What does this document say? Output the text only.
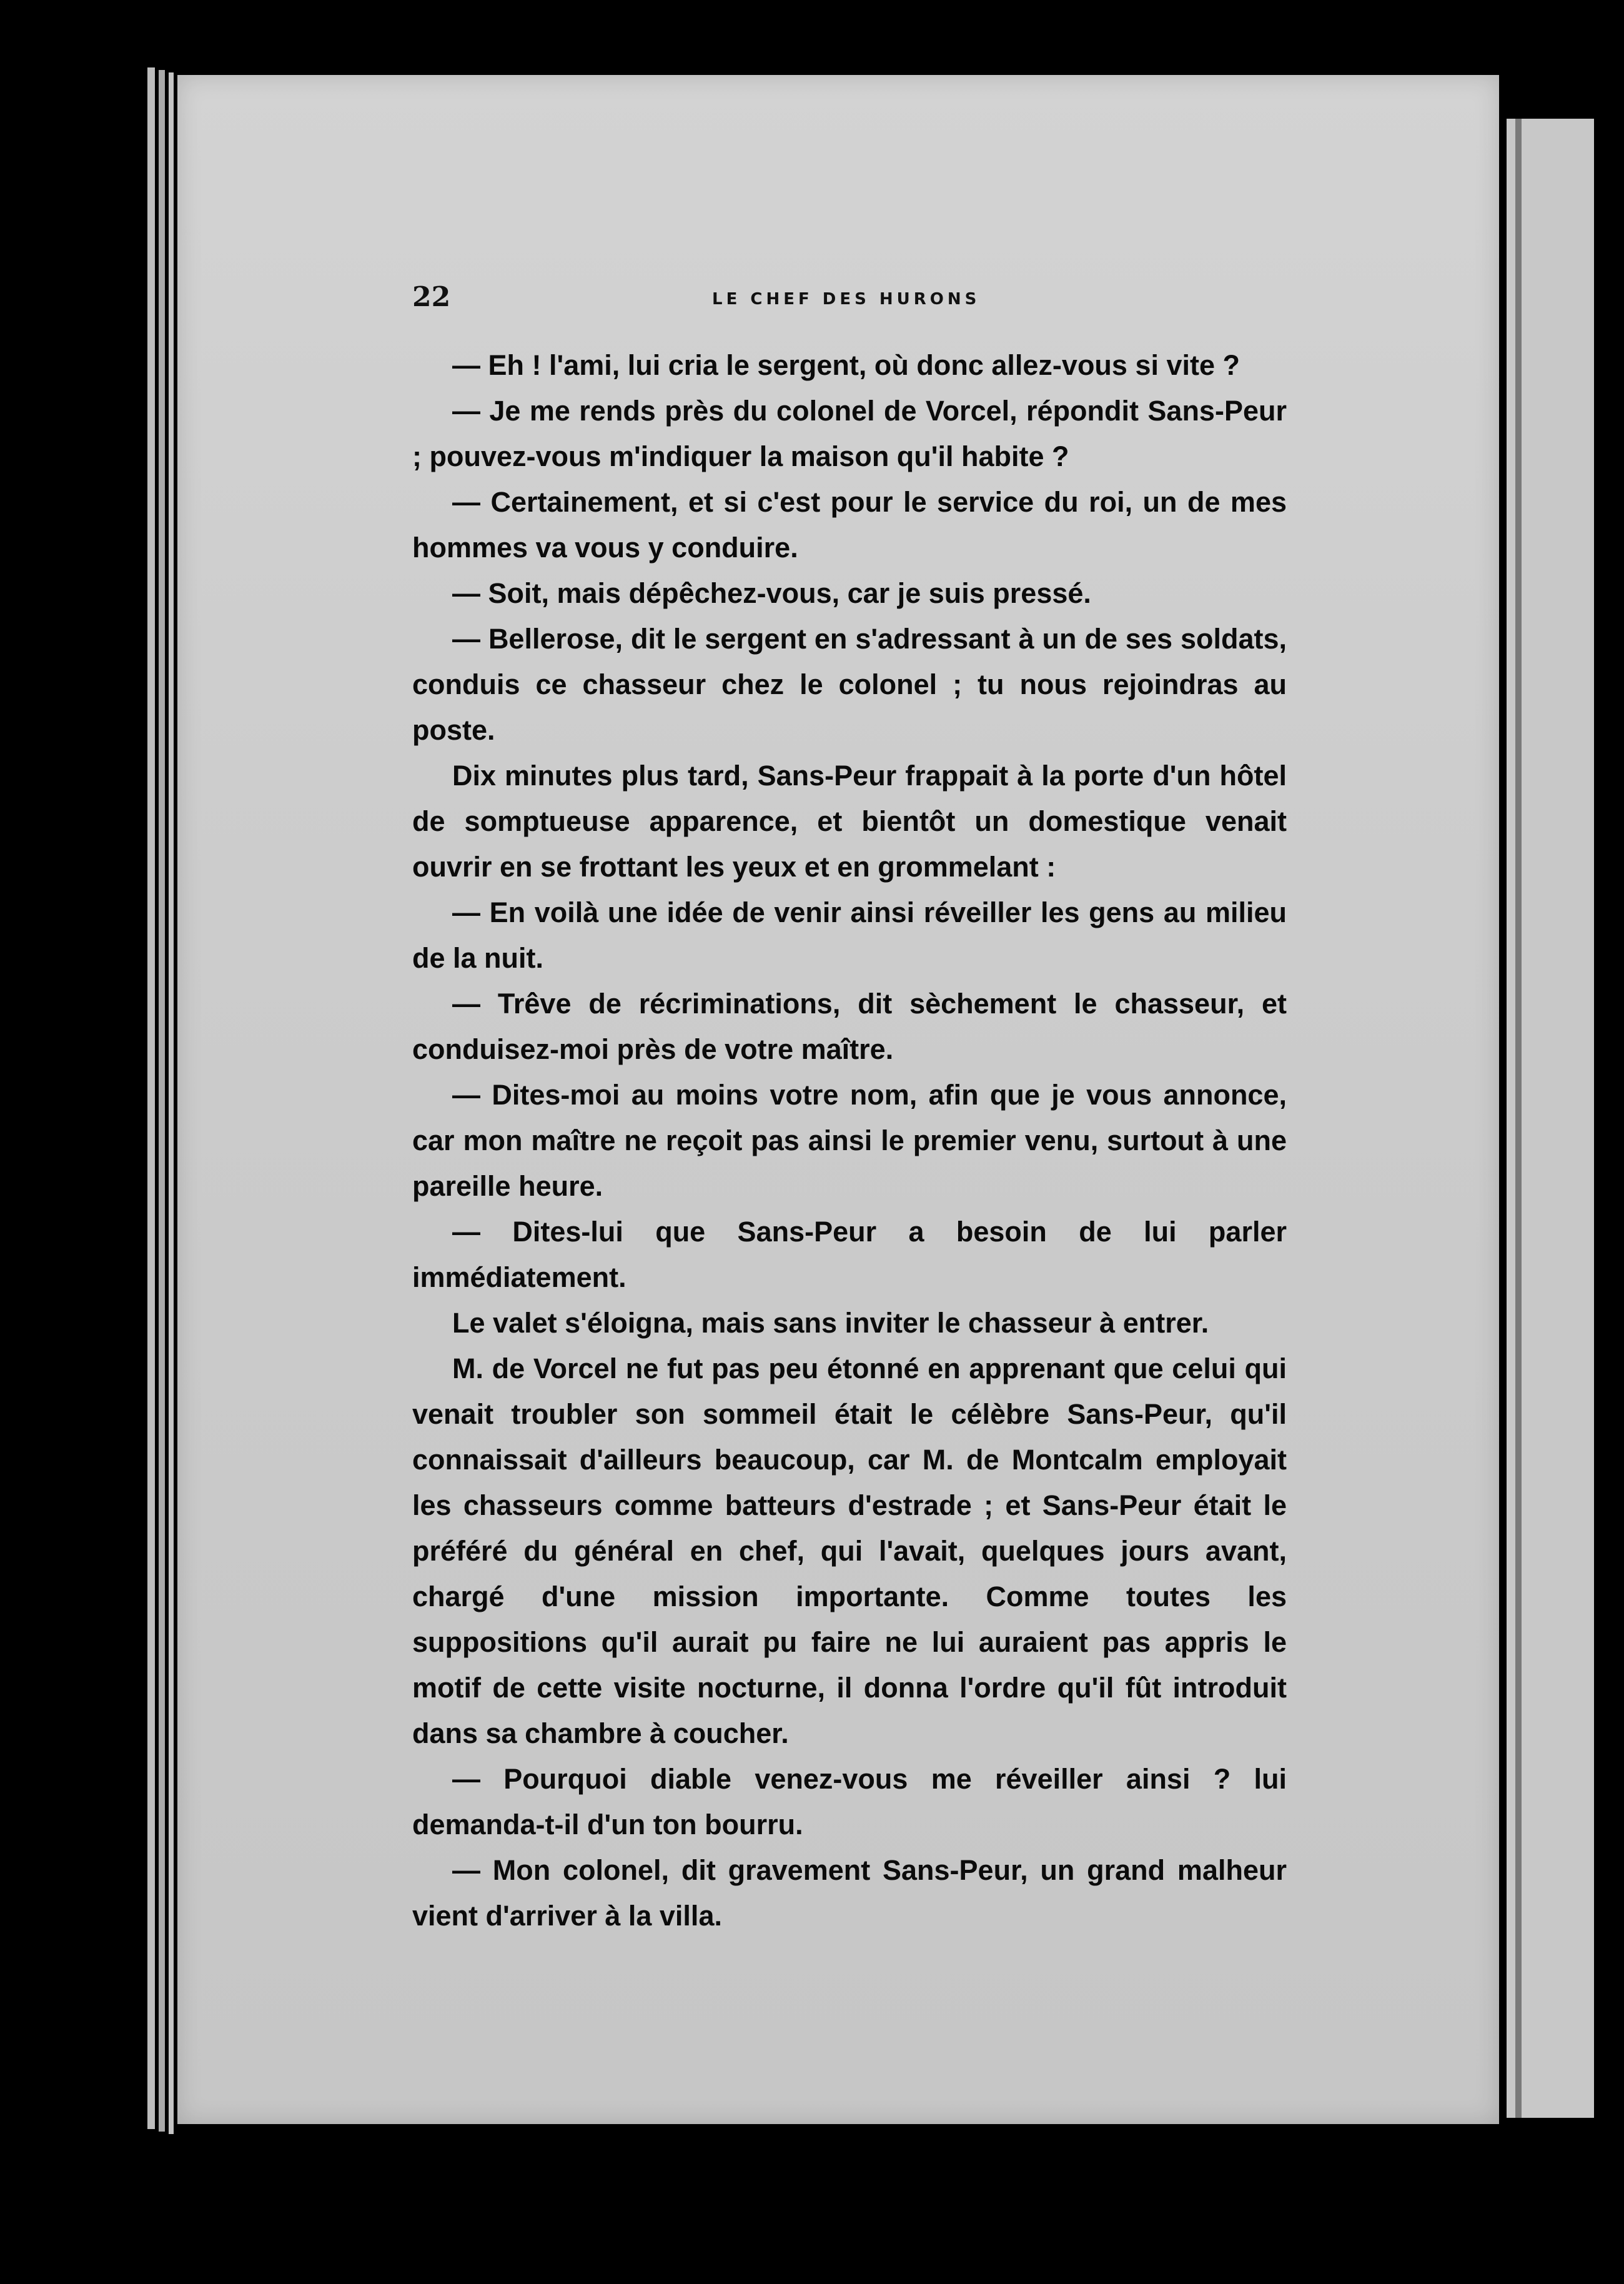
22	LE CHEF DES HURONS

— Eh ! l'ami, lui cria le sergent, où donc allez-vous si vite ?

— Je me rends près du colonel de Vorcel, répondit Sans-Peur ; pouvez-vous m'indiquer la maison qu'il habite ?

— Certainement, et si c'est pour le service du roi, un de mes hommes va vous y conduire.

— Soit, mais dépêchez-vous, car je suis pressé.

— Bellerose, dit le sergent en s'adressant à un de ses soldats, conduis ce chasseur chez le colonel ; tu nous rejoindras au poste.

Dix minutes plus tard, Sans-Peur frappait à la porte d'un hôtel de somptueuse apparence, et bientôt un domestique venait ouvrir en se frottant les yeux et en grommelant :

— En voilà une idée de venir ainsi réveiller les gens au milieu de la nuit.

— Trêve de récriminations, dit sèchement le chasseur, et conduisez-moi près de votre maître.

— Dites-moi au moins votre nom, afin que je vous annonce, car mon maître ne reçoit pas ainsi le premier venu, surtout à une pareille heure.

— Dites-lui que Sans-Peur a besoin de lui parler immédiatement.

Le valet s'éloigna, mais sans inviter le chasseur à entrer.

M. de Vorcel ne fut pas peu étonné en apprenant que celui qui venait troubler son sommeil était le célèbre Sans-Peur, qu'il connaissait d'ailleurs beaucoup, car M. de Montcalm employait les chasseurs comme batteurs d'estrade ; et Sans-Peur était le préféré du général en chef, qui l'avait, quelques jours avant, chargé d'une mission importante. Comme toutes les suppositions qu'il aurait pu faire ne lui auraient pas appris le motif de cette visite nocturne, il donna l'ordre qu'il fût introduit dans sa chambre à coucher.

— Pourquoi diable venez-vous me réveiller ainsi ? lui demanda-t-il d'un ton bourru.

— Mon colonel, dit gravement Sans-Peur, un grand malheur vient d'arriver à la villa.
